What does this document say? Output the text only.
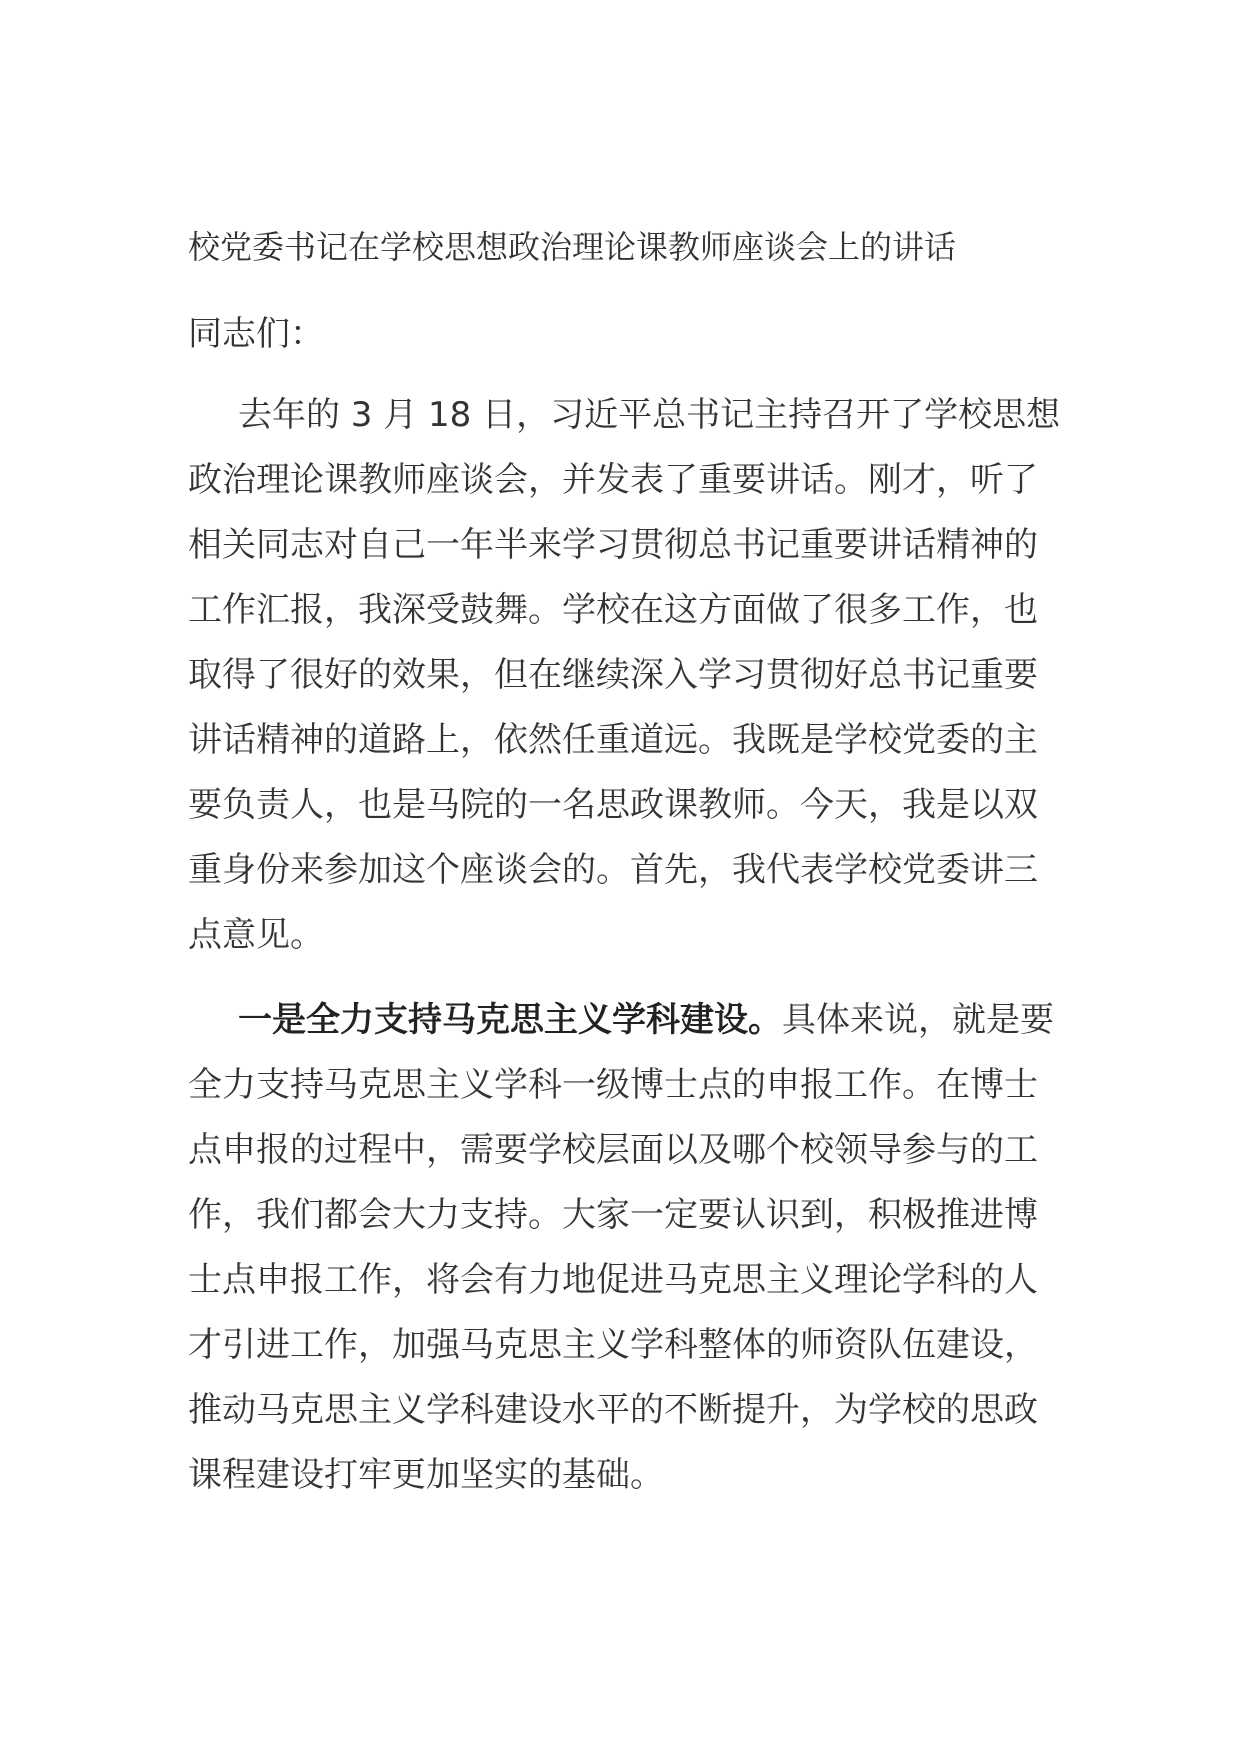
校党委书记在学校思想政治理论课教师座谈会上的讲话
同志们：
去年的 3 月 18 日，习近平总书记主持召开了学校思想
政治理论课教师座谈会，并发表了重要讲话。刚才，听了
相关同志对自己一年半来学习贯彻总书记重要讲话精神的
工作汇报，我深受鼓舞。学校在这方面做了很多工作，也
取得了很好的效果，但在继续深入学习贯彻好总书记重要
讲话精神的道路上，依然任重道远。我既是学校党委的主
要负责人，也是马院的一名思政课教师。今天，我是以双
重身份来参加这个座谈会的。首先，我代表学校党委讲三
点意见。
一是全力支持马克思主义学科建设。具体来说，就是要
全力支持马克思主义学科一级博士点的申报工作。在博士
点申报的过程中，需要学校层面以及哪个校领导参与的工
作，我们都会大力支持。大家一定要认识到，积极推进博
士点申报工作，将会有力地促进马克思主义理论学科的人
才引进工作，加强马克思主义学科整体的师资队伍建设，
推动马克思主义学科建设水平的不断提升，为学校的思政
课程建设打牢更加坚实的基础。
